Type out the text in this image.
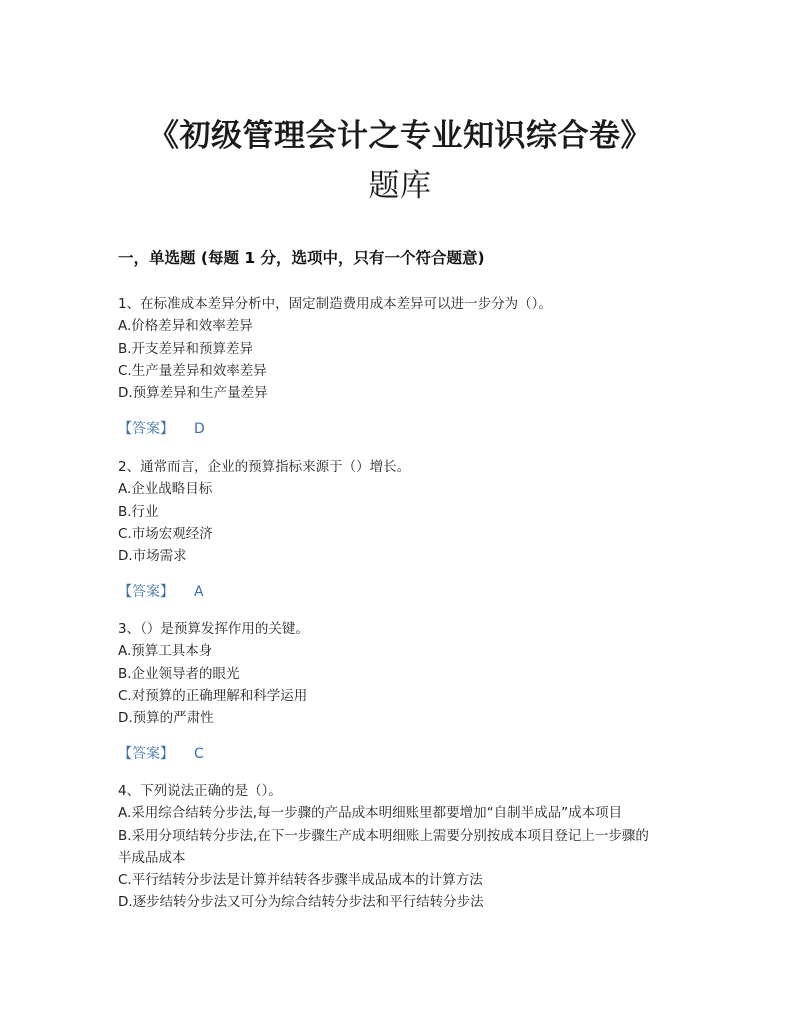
《初级管理会计之专业知识综合卷》
题库
一，单选题 (每题 1 分，选项中，只有一个符合题意)
1、在标准成本差异分析中，固定制造费用成本差异可以进一步分为（）。
A.价格差异和效率差异
B.开支差异和预算差异
C.生产量差异和效率差异
D.预算差异和生产量差异
【答案】 D
2、通常而言，企业的预算指标来源于（）增长。
A.企业战略目标
B.行业
C.市场宏观经济
D.市场需求
【答案】 A
3、（）是预算发挥作用的关键。
A.预算工具本身
B.企业领导者的眼光
C.对预算的正确理解和科学运用
D.预算的严肃性
【答案】 C
4、下列说法正确的是（）。
A.采用综合结转分步法,每一步骤的产品成本明细账里都要增加“自制半成品”成本项目
B.采用分项结转分步法,在下一步骤生产成本明细账上需要分别按成本项目登记上一步骤的
半成品成本
C.平行结转分步法是计算并结转各步骤半成品成本的计算方法
D.逐步结转分步法又可分为综合结转分步法和平行结转分步法
